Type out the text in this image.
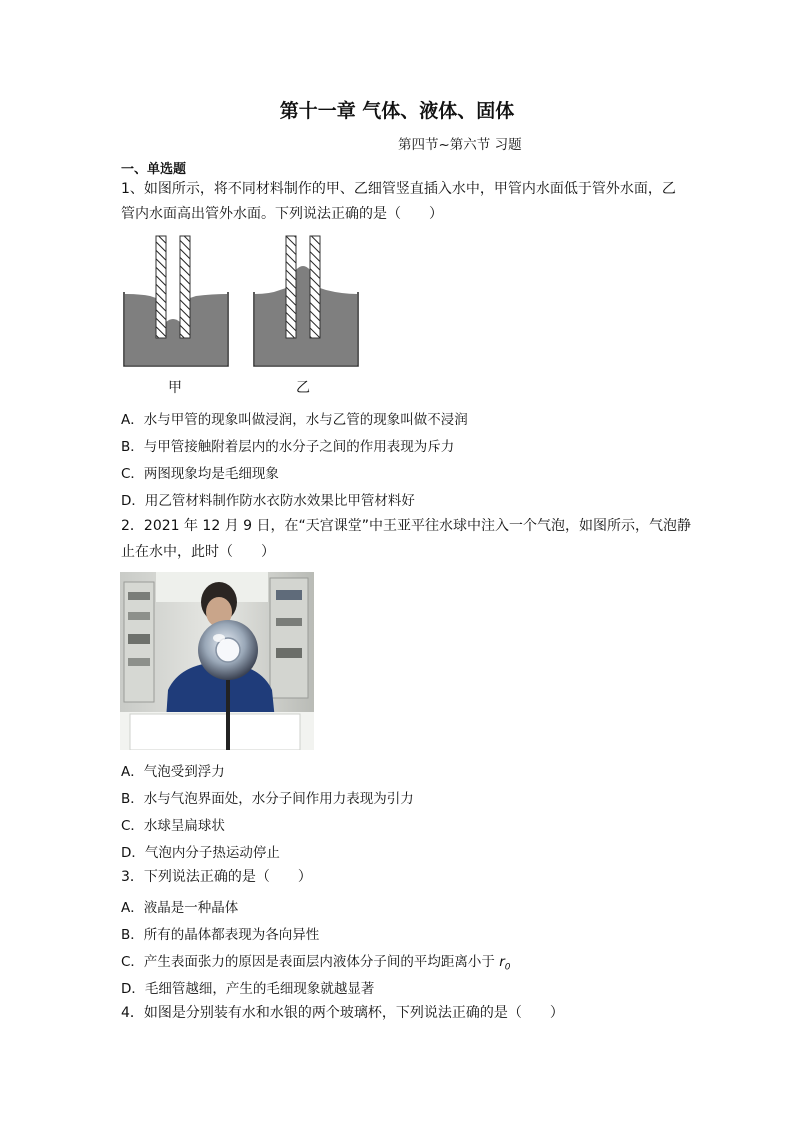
第十一章 气体、液体、固体
第四节~第六节 习题
一、单选题
1、如图所示，将不同材料制作的甲、乙细管竖直插入水中，甲管内水面低于管外水面，乙
管内水面高出管外水面。下列说法正确的是（　　）
甲	乙
A．水与甲管的现象叫做浸润，水与乙管的现象叫做不浸润
B．与甲管接触附着层内的水分子之间的作用表现为斥力
C．两图现象均是毛细现象
D．用乙管材料制作防水衣防水效果比甲管材料好
2．2021 年 12 月 9 日，在“天宫课堂”中王亚平往水球中注入一个气泡，如图所示，气泡静
止在水中，此时（　　）
A．气泡受到浮力
B．水与气泡界面处，水分子间作用力表现为引力
C．水球呈扁球状
D．气泡内分子热运动停止
3．下列说法正确的是（　　）
A．液晶是一种晶体
B．所有的晶体都表现为各向异性
C．产生表面张力的原因是表面层内液体分子间的平均距离小于 $r_0$
D．毛细管越细，产生的毛细现象就越显著
4．如图是分别装有水和水银的两个玻璃杯，下列说法正确的是（　　）
